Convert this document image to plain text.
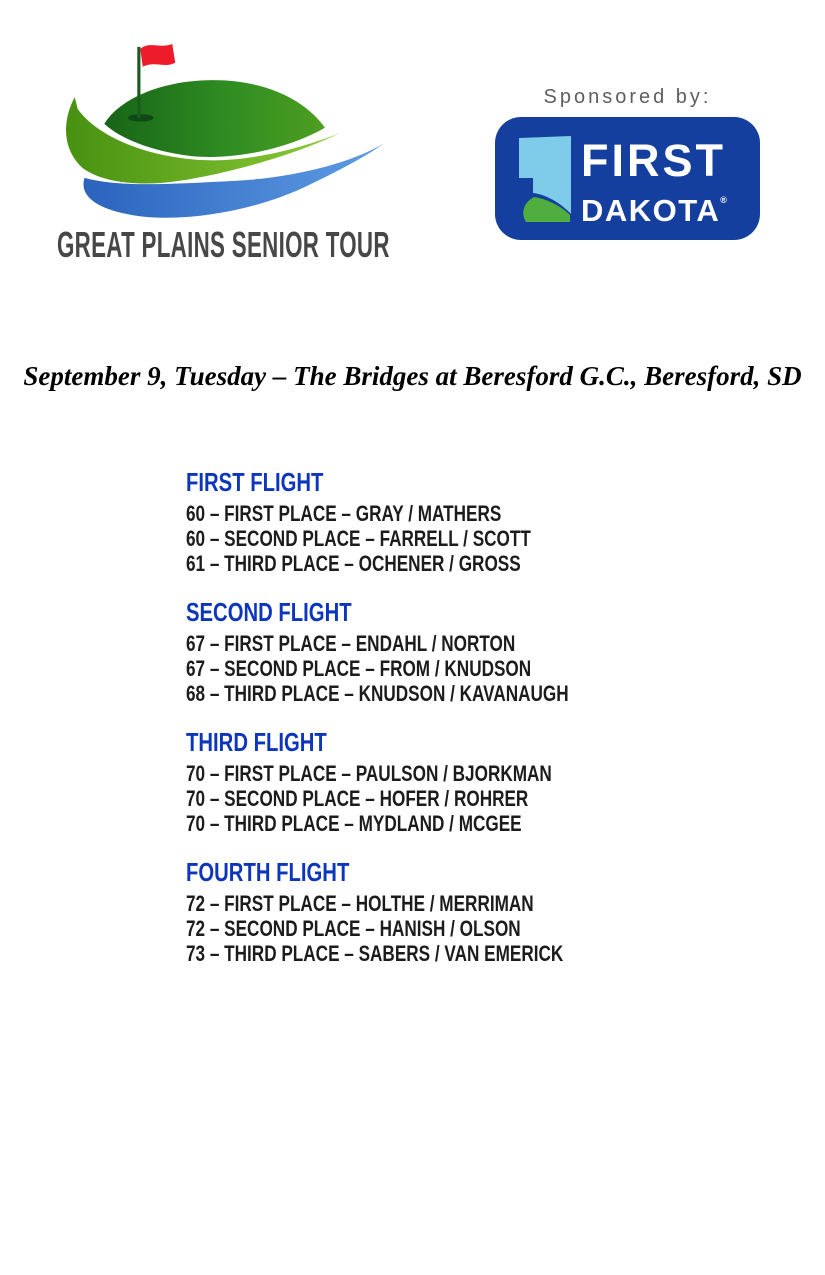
GREAT PLAINS SENIOR TOUR
Sponsored by:
FIRST
DAKOTA®
September 9, Tuesday – The Bridges at Beresford G.C., Beresford, SD
FIRST FLIGHT
60 – FIRST PLACE – GRAY / MATHERS
60 – SECOND PLACE – FARRELL / SCOTT
61 – THIRD PLACE – OCHENER / GROSS
SECOND FLIGHT
67 – FIRST PLACE – ENDAHL / NORTON
67 – SECOND PLACE – FROM / KNUDSON
68 – THIRD PLACE – KNUDSON / KAVANAUGH
THIRD FLIGHT
70 – FIRST PLACE – PAULSON / BJORKMAN
70 – SECOND PLACE – HOFER / ROHRER
70 – THIRD PLACE – MYDLAND / MCGEE
FOURTH FLIGHT
72 – FIRST PLACE – HOLTHE / MERRIMAN
72 – SECOND PLACE – HANISH / OLSON
73 – THIRD PLACE – SABERS / VAN EMERICK
